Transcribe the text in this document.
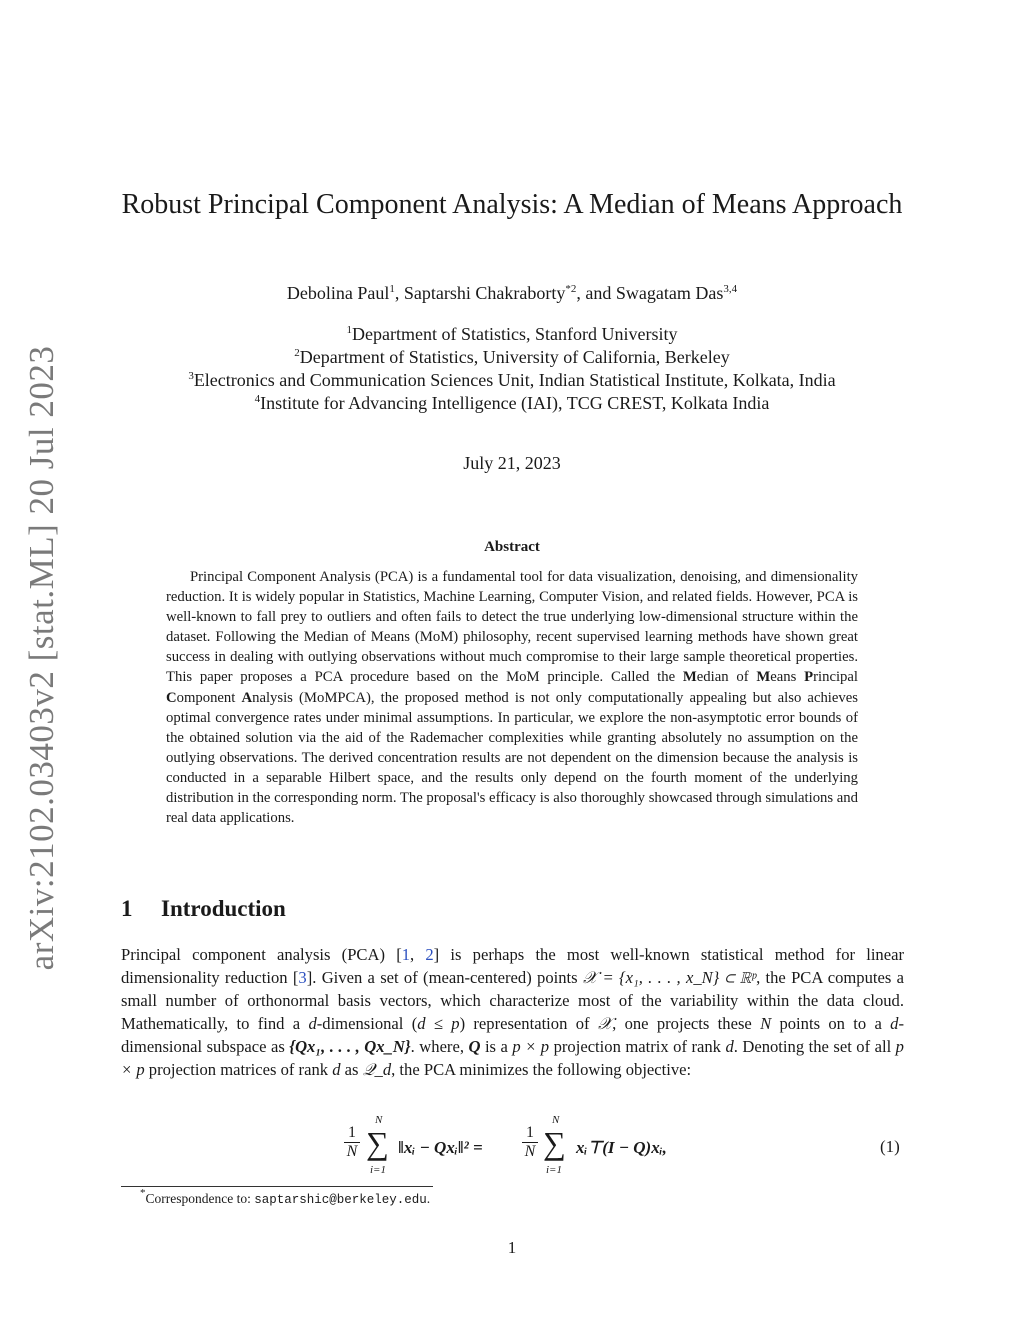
arXiv:2102.03403v2 [stat.ML] 20 Jul 2023
Robust Principal Component Analysis: A Median of Means Approach
Debolina Paul$^1$, Saptarshi Chakraborty$^{*2}$, and Swagatam Das$^{3,4}$
$^1$Department of Statistics, Stanford University
$^2$Department of Statistics, University of California, Berkeley
$^3$Electronics and Communication Sciences Unit, Indian Statistical Institute, Kolkata, India
$^4$Institute for Advancing Intelligence (IAI), TCG CREST, Kolkata India
July 21, 2023
Abstract

Principal Component Analysis (PCA) is a fundamental tool for data visualization, denoising, and dimensionality reduction. It is widely popular in Statistics, Machine Learning, Computer Vision, and related fields. However, PCA is well-known to fall prey to outliers and often fails to detect the true underlying low-dimensional structure within the dataset. Following the Median of Means (MoM) philosophy, recent supervised learning methods have shown great success in dealing with outlying observations without much compromise to their large sample theoretical properties. This paper proposes a PCA procedure based on the MoM principle. Called the Median of Means Principal Component Analysis (MoMPCA), the proposed method is not only computationally appealing but also achieves optimal convergence rates under minimal assumptions. In particular, we explore the non-asymptotic error bounds of the obtained solution via the aid of the Rademacher complexities while granting absolutely no assumption on the outlying observations. The derived concentration results are not dependent on the dimension because the analysis is conducted in a separable Hilbert space, and the results only depend on the fourth moment of the underlying distribution in the corresponding norm. The proposal's efficacy is also thoroughly showcased through simulations and real data applications.

1 Introduction

Principal component analysis (PCA) [1, 2] is perhaps the most well-known statistical method for linear dimensionality reduction [3]. Given a set of (mean-centered) points 𝒳 = {x₁, . . . , x_N} ⊂ ℝᵖ, the PCA computes a small number of orthonormal basis vectors, which characterize most of the variability within the data cloud. Mathematically, to find a d-dimensional (d ≤ p) representation of 𝒳, one projects these N points on to a d-dimensional subspace as {Qx₁, . . . , Qx_N}. where, Q is a p × p projection matrix of rank d. Denoting the set of all p × p projection matrices of rank d as 𝒬_d, the PCA minimizes the following objective:

$\frac{1}{N}$
N
∑
i=1
‖xᵢ − Qxᵢ‖² = $\frac{1}{N}$
N
∑
i=1
xᵢ⊤(I − Q)xᵢ,	(1)
*Correspondence to: saptarshic@berkeley.edu.
1
